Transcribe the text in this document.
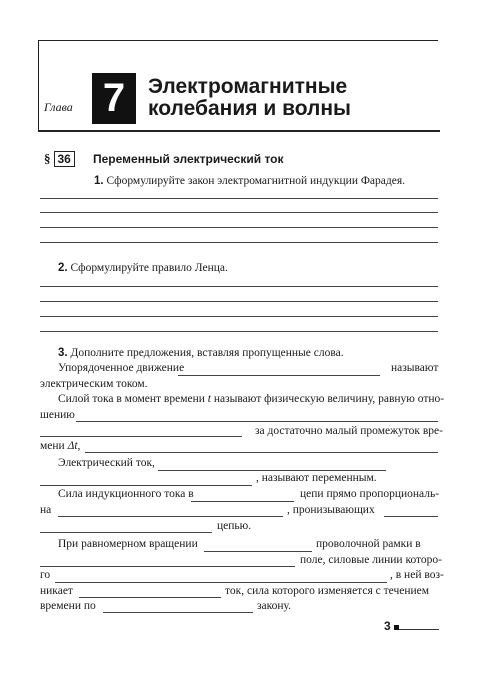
Глава 7	Электромагнитные
колебания и волны
§ 36	Переменный электрический ток
1. Сформулируйте закон электромагнитной индукции Фарадея.
2. Сформулируйте правило Ленца.
3. Дополните предложения, вставляя пропущенные слова.
Упорядоченное движение	называют
электрическим током.
Силой тока в момент времени t называют физическую величину, равную отно-
шению
за достаточно малый промежуток вре-
мени Δt,
Электрический ток,
, называют переменным.
Сила индукционного тока в	цепи прямо пропорциональ-
на	, пронизывающих
цепью.
При равномерном вращении	проволочной рамки в
поле, силовые линии которо-
го	, в ней воз-
никает	ток, сила которого изменяется с течением
времени по	закону.
3
